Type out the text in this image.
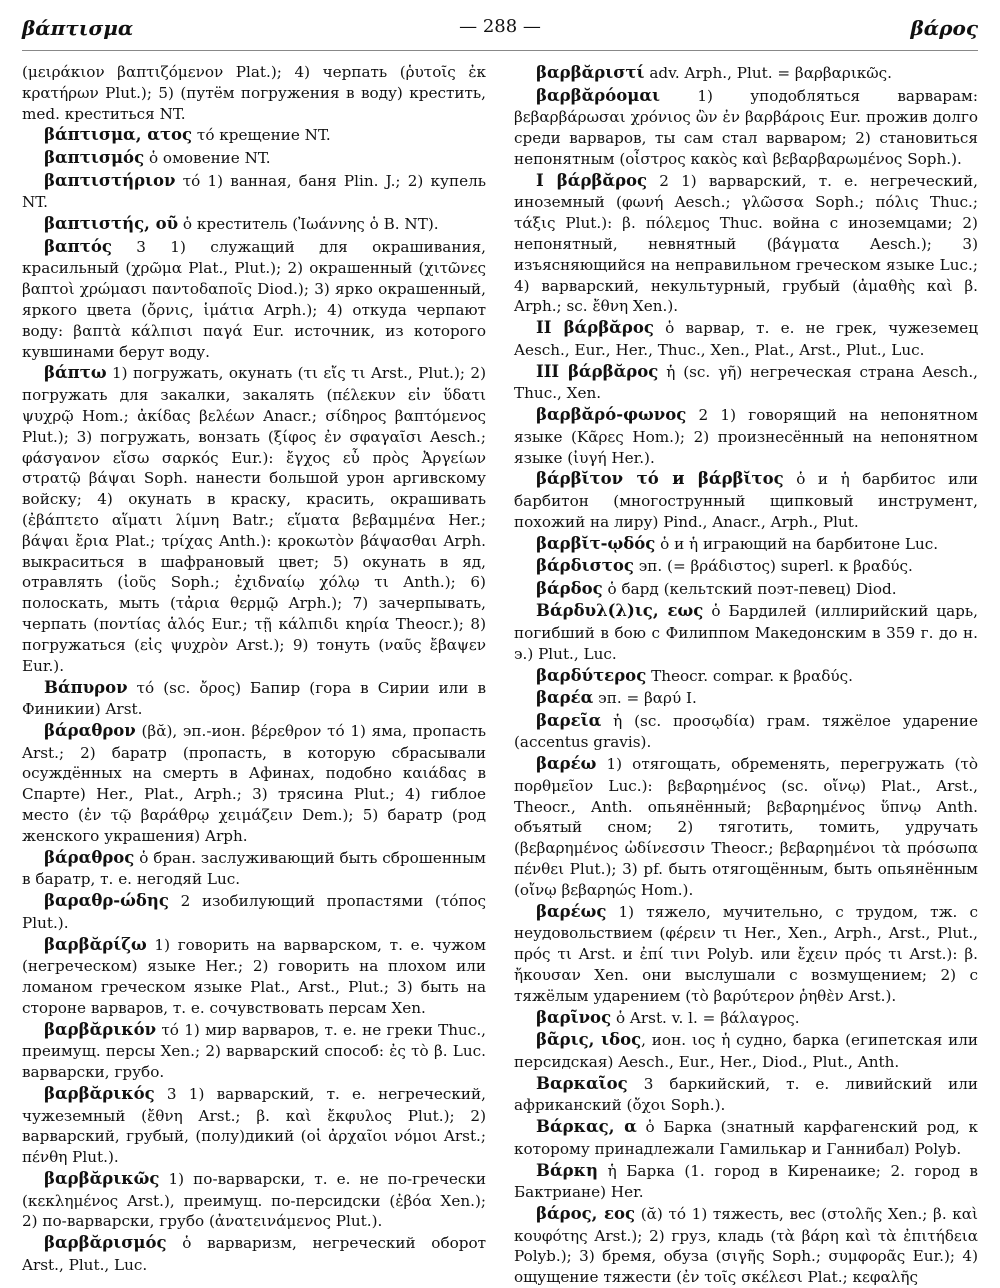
βάπτισμα	— 288 —	βάρος

(μειράκιον βαπτιζόμενον Plat.); 4) черпать (ῥυτοῖς ἐκ κρατήρων Plut.); 5) (путём погружения в воду) крестить, med. креститься NT.

βάπτισμα, ατος τό крещение NT.

βαπτισμός ὁ омовение NT.

βαπτιστήριον τό 1) ванная, баня Plin. J.; 2) купель NT.

βαπτιστής, οῦ ὁ креститель (Ἰωάννης ὁ Β. NT).

βαπτός 3 1) служащий для окрашивания, красильный (χρῶμα Plat., Plut.); 2) окрашенный (χιτῶνες βαπτοὶ χρώμασι παντοδαποῖς Diod.); 3) ярко окрашенный, яркого цвета (ὄρνις, ἱμάτια Arph.); 4) откуда черпают воду: βαπτὰ κάλπισι παγά Eur. источник, из которого кувшинами берут воду.

βάπτω 1) погружать, окунать (τι εἴς τι Arst., Plut.); 2) погружать для закалки, закалять (πέλεκυν εἰν ὕδατι ψυχρῷ Hom.; ἀκίδας βελέων Anacr.; σίδηρος βαπτόμενος Plut.); 3) погружать, вонзать (ξίφος ἐν σφαγαῖσι Aesch.; φάσγανον εἴσω σαρκός Eur.): ἔγχος εὖ πρὸς Ἀργείων στρατῷ βάψαι Soph. нанести большой урон аргивскому войску; 4) окунать в краску, красить, окрашивать (ἐβάπτετο αἵματι λίμνη Batr.; εἵματα βεβαμμένα Her.; βάψαι ἔρια Plat.; τρίχας Anth.): κροκωτὸν βάψασθαι Arph. выкраситься в шафрановый цвет; 5) окунать в яд, отравлять (ἰοῦς Soph.; ἐχιδναίῳ χόλῳ τι Anth.); 6) полоскать, мыть (τἀρια θερμῷ Arph.); 7) зачерпывать, черпать (ποντίας ἁλός Eur.; τῇ κάλπιδι κηρία Theocr.); 8) погружаться (εἰς ψυχρὸν Arst.); 9) тонуть (ναῦς ἔβαψεν Eur.).

Βάπυρον τό (sc. ὄρος) Бапир (гора в Сирии или в Финикии) Arst.

βάραθρον (βᾰ), эп.-ион. βέρεθρον τό 1) яма, пропасть Arst.; 2) баратр (пропасть, в которую сбрасывали осуждённых на смерть в Афинах, подобно καιάδας в Спарте) Her., Plat., Arph.; 3) трясина Plut.; 4) гиблое место (ἐν τῷ βαράθρῳ χειμάζειν Dem.); 5) баратр (род женского украшения) Arph.

βάραθρος ὁ бран. заслуживающий быть сброшенным в баратр, т. е. негодяй Luc.

βαραθρ-ώδης 2 изобилующий пропастями (τόπος Plut.).

βαρβᾰρίζω 1) говорить на варварском, т. е. чужом (негреческом) языке Her.; 2) говорить на плохом или ломаном греческом языке Plat., Arst., Plut.; 3) быть на стороне варваров, т. е. сочувствовать персам Xen.

βαρβᾰρικόν τό 1) мир варваров, т. е. не греки Thuc., преимущ. персы Xen.; 2) варварский способ: ἐς τὸ β. Luc. варварски, грубо.

βαρβᾰρικός 3 1) варварский, т. е. негреческий, чужеземный (ἔθνη Arst.; β. καὶ ἔκφυλος Plut.); 2) варварский, грубый, (полу)дикий (οἱ ἀρχαῖοι νόμοι Arst.; πένθη Plut.).

βαρβᾰρικῶς 1) по-варварски, т. е. не по-гречески (κεκλημένος Arst.), преимущ. по-персидски (ἐβόα Xen.); 2) по-варварски, грубо (ἀνατεινάμενος Plut.).

βαρβᾰρισμός ὁ варваризм, негреческий оборот Arst., Plut., Luc.

βαρβᾰριστί adv. Arph., Plut. = βαρβαρικῶς.

βαρβᾰρόομαι 1) уподобляться варварам: βεβαρβάρωσαι χρόνιος ὢν ἐν βαρβάροις Eur. прожив долго среди варваров, ты сам стал варваром; 2) становиться непонятным (οἶστρος κακὸς καὶ βεβαρβαρωμένος Soph.).

I βάρβᾰρος 2 1) варварский, т. е. негреческий, иноземный (φωνή Aesch.; γλῶσσα Soph.; πόλις Thuc.; τάξις Plut.): β. πόλεμος Thuc. война с иноземцами; 2) непонятный, невнятный (βάγματα Aesch.); 3) изъясняющийся на неправильном греческом языке Luc.; 4) варварский, некультурный, грубый (ἀμαθὴς καὶ β. Arph.; sc. ἔθνη Xen.).

II βάρβᾰρος ὁ варвар, т. е. не грек, чужеземец Aesch., Eur., Her., Thuc., Xen., Plat., Arst., Plut., Luc.

III βάρβᾰρος ἡ (sc. γῆ) негреческая страна Aesch., Thuc., Xen.

βαρβᾰρό-φωνος 2 1) говорящий на непонятном языке (Κᾶρες Hom.); 2) произнесённый на непонятном языке (ἰυγή Her.).

βάρβῐτον τό и βάρβῐτος ὁ и ἡ барбитос или барбитон (многострунный щипковый инструмент, похожий на лиру) Pind., Anacr., Arph., Plut.

βαρβῐτ-ῳδός ὁ и ἡ играющий на барбитоне Luc.

βάρδιστος эп. (= βράδιστος) superl. к βραδύς.

βάρδος ὁ бард (кельтский поэт-певец) Diod.

Βάρδυλ(λ)ις, εως ὁ Бардилей (иллирийский царь, погибший в бою с Филиппом Македонским в 359 г. до н. э.) Plut., Luc.

βαρδύτερος Theocr. compar. к βραδύς.

βαρέα эп. = βαρύ I.

βαρεῖα ἡ (sc. προσῳδία) грам. тяжёлое ударение (accentus gravis).

βαρέω 1) отягощать, обременять, перегружать (τὸ πορθμεῖον Luc.): βεβαρημένος (sc. οἴνῳ) Plat., Arst., Theocr., Anth. опьянённый; βεβαρημένος ὕπνῳ Anth. объятый сном; 2) тяготить, томить, удручать (βεβαρημένος ὠδίνεσσιν Theocr.; βεβαρημένοι τὰ πρόσωπα πένθει Plut.); 3) pf. быть отягощённым, быть опьянённым (οἴνῳ βεβαρηώς Hom.).

βαρέως 1) тяжело, мучительно, с трудом, тж. с неудовольствием (φέρειν τι Her., Xen., Arph., Arst., Plut., πρός τι Arst. и ἐπί τινι Polyb. или ἔχειν πρός τι Arst.): β. ἤκουσαν Xen. они выслушали с возмущением; 2) с тяжёлым ударением (τὸ βαρύτερον ῥηθὲν Arst.).

βαρῖνος ὁ Arst. v. l. = βάλαγρος.

βᾶρις, ιδος, ион. ιος ἡ судно, барка (египетская или персидская) Aesch., Eur., Her., Diod., Plut., Anth.

Βαρκαῖος 3 баркийский, т. е. ливийский или африканский (ὄχοι Soph.).

Βάρκας, α ὁ Барка (знатный карфагенский род, к которому принадлежали Гамилькар и Ганнибал) Polyb.

Βάρκη ἡ Барка (1. город в Киренаике; 2. город в Бактриане) Her.

βάρος, εος (ᾰ) τό 1) тяжесть, вес (στολῆς Xen.; β. καὶ κουφότης Arst.); 2) груз, кладь (τὰ βάρη καὶ τὰ ἐπιτήδεια Polyb.); 3) бремя, обуза (σιγῆς Soph.; συμφορᾶς Eur.); 4) ощущение тяжести (ἐν τοῖς σκέλεσι Plat.; κεφαλῆς
